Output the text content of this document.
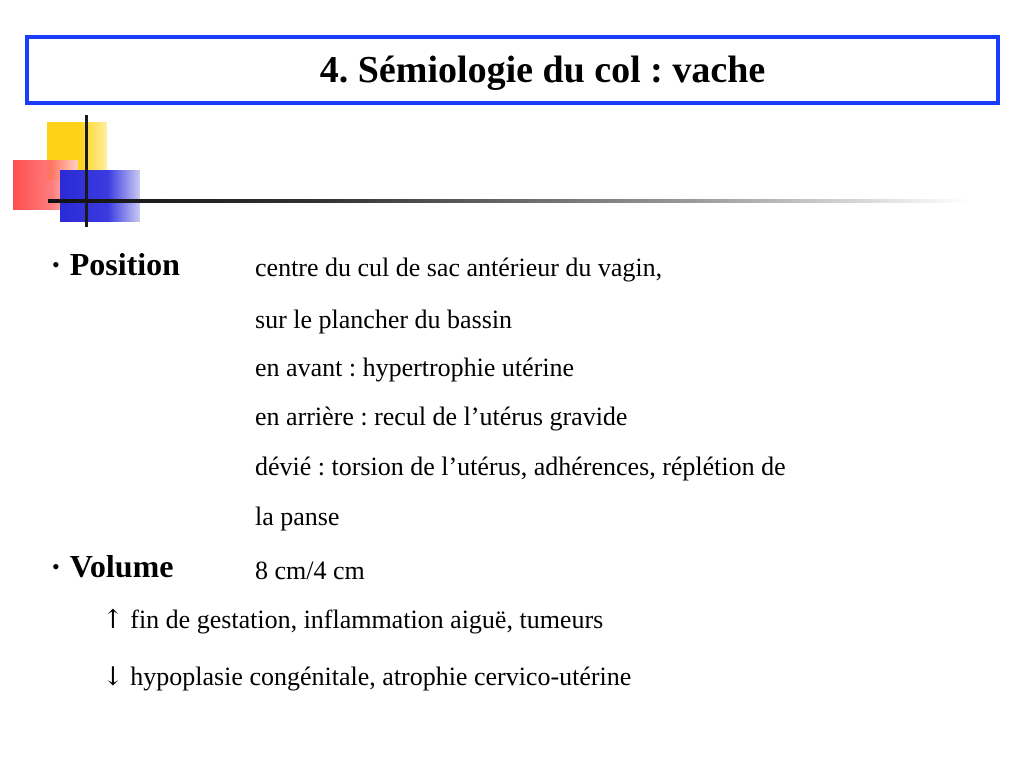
4. Sémiologie du col : vache
• Position	centre du cul de sac antérieur du vagin,
sur le plancher du bassin
en avant : hypertrophie utérine
en arrière : recul de l’utérus gravide
dévié : torsion de l’utérus, adhérences, réplétion de
la panse
• Volume	8 cm/4 cm
↑ fin de gestation, inflammation aiguë, tumeurs
↓ hypoplasie congénitale, atrophie cervico-utérine
